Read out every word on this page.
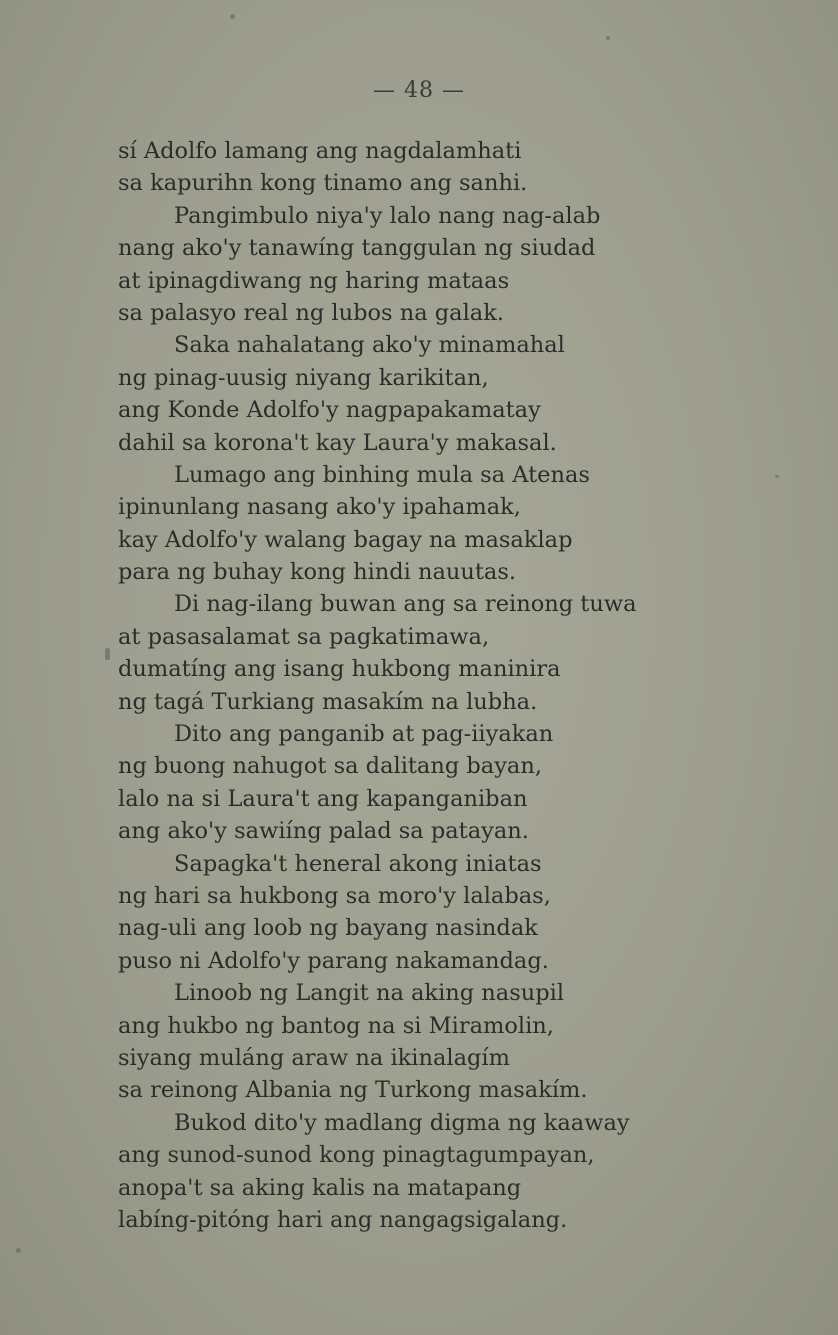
— 48 —
sí Adolfo lamang ang nagdalamhati
sa kapurihn kong tinamo ang sanhi.
Pangimbulo niya'y lalo nang nag-alab
nang ako'y tanawíng tanggulan ng siudad
at ipinagdiwang ng haring mataas
sa palasyo real ng lubos na galak.
Saka nahalatang ako'y minamahal
ng pinag-uusig niyang karikitan,
ang Konde Adolfo'y nagpapakamatay
dahil sa korona't kay Laura'y makasal.
Lumago ang binhing mula sa Atenas
ipinunlang nasang ako'y ipahamak,
kay Adolfo'y walang bagay na masaklap
para ng buhay kong hindi nauutas.
Di nag-ilang buwan ang sa reinong tuwa
at pasasalamat sa pagkatimawa,
dumatíng ang isang hukbong maninira
ng tagá Turkiang masakím na lubha.
Dito ang panganib at pag-iiyakan
ng buong nahugot sa dalitang bayan,
lalo na si Laura't ang kapanganiban
ang ako'y sawiíng palad sa patayan.
Sapagka't heneral akong iniatas
ng hari sa hukbong sa moro'y lalabas,
nag-uli ang loob ng bayang nasindak
puso ni Adolfo'y parang nakamandag.
Linoob ng Langit na aking nasupil
ang hukbo ng bantog na si Miramolin,
siyang muláng araw na ikinalagím
sa reinong Albania ng Turkong masakím.
Bukod dito'y madlang digma ng kaaway
ang sunod-sunod kong pinagtagumpayan,
anopa't sa aking kalis na matapang
labíng-pitóng hari ang nangagsigalang.
